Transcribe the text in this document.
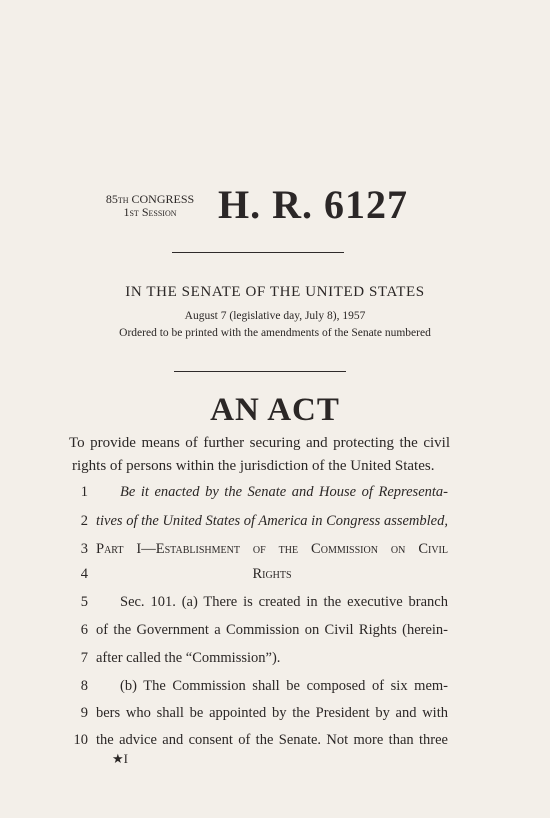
85th CONGRESS
1st Session	H. R. 6127
IN THE SENATE OF THE UNITED STATES
August 7 (legislative day, July 8), 1957
Ordered to be printed with the amendments of the Senate numbered
AN ACT
To provide means of further securing and protecting the civil
rights of persons within the jurisdiction of the United States.
1 Be it enacted by the Senate and House of Representa-
2 tives of the United States of America in Congress assembled,
3 Part I—Establishment of the Commission on Civil
4	Rights
5 Sec. 101. (a) There is created in the executive branch
6 of the Government a Commission on Civil Rights (herein-
7 after called the “Commission”).
8 (b) The Commission shall be composed of six mem-
9 bers who shall be appointed by the President by and with
10 the advice and consent of the Senate. Not more than three
★I
